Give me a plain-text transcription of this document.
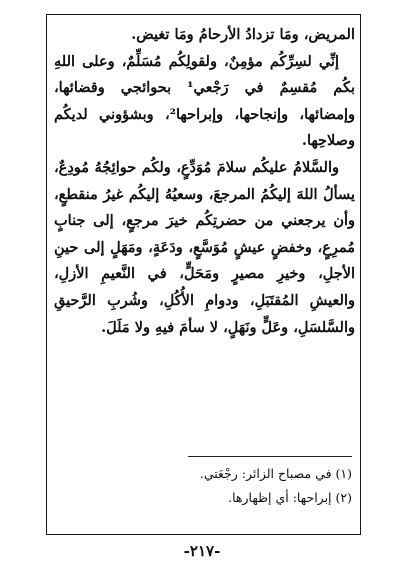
المريض، ومَا تزدادُ الأرحامُ ومَا تغيض.

إنِّي لسِرِّكُم مؤمِنٌ، ولقولِكُم مُسَلِّمٌ، وعلى اللهِ بكُم مُقسِمٌ في رَجْعي¹ بحوائجي وقضائها، وإمضائها، وإنجاحها، وإبراحها²، وبشؤوني لديكُم وصلاحِها.

والسَّلامُ عليكُم سلامَ مُوَدِّعٍ، ولكُم حوائِجُهُ مُودِعٌ، يسألُ اللهَ إليكُمُ المرجعَ، وسعيُهُ إليكُم غيرُ منقطعٍ، وأن يرجعني من حضرتِكُم خيرَ مرجعٍ، إلى جنابٍ مُمرِعٍ، وخفضٍ عيشٍ مُوَسَّعٍ، ودَعَةٍ، ومَهَلٍ إلى حينِ الأجلِ، وخيرِ مصيرٍ ومَحَلٍّ، في النَّعيمِ الأزلِ، والعيشِ المُقتَبَلِ، ودوامِ الأُكُلِ، وشُربِ الرَّحيقِ والسَّلسَلِ، وعَلٍّ ونَهَلٍ، لا سأمَ فيهِ ولا مَلَلَ.

(١) في مصباح الزائر: رجْعَتي.
(٢) إبراحها: أي إظهارها.
-٢١٧-
